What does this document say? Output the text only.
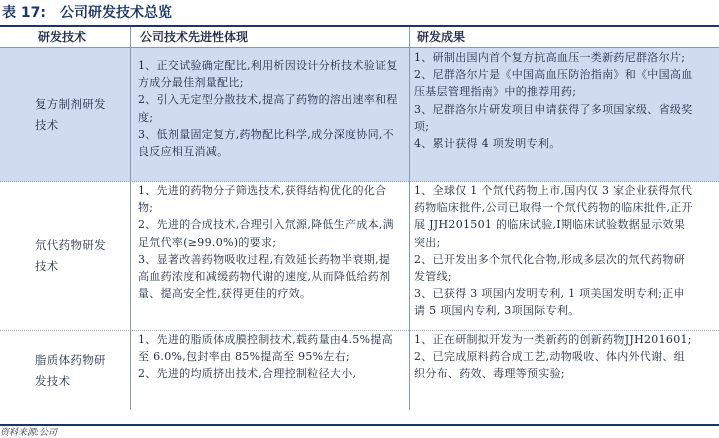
表 17: 公司研发技术总览
研发技术	公司技术先进性体现	研发成果
复方制剂研发技术
1、正交试验确定配比,利用析因设计分析技术验证复方成分最佳剂量配比;
2、引入无定型分散技术,提高了药物的溶出速率和程度;
3、低剂量固定复方,药物配比科学,成分深度协同,不良反应相互消减。
1、研制出国内首个复方抗高血压一类新药尼群洛尔片;
2、尼群洛尔片是《中国高血压防治指南》和《中国高血压基层管理指南》中的推荐用药;
3、尼群洛尔片研发项目申请获得了多项国家级、省级奖项;
4、累计获得 4 项发明专利。
氘代药物研发技术
1、先进的药物分子筛选技术,获得结构优化的化合物;
2、先进的合成技术,合理引入氘源,降低生产成本,满足氘代率(≥99.0%)的要求;
3、显著改善药物吸收过程,有效延长药物半衰期,提高血药浓度和减缓药物代谢的速度,从而降低给药剂量、提高安全性,获得更佳的疗效。
1、全球仅 1 个氘代药物上市,国内仅 3 家企业获得氘代药物临床批件,公司已取得一个氘代药物的临床批件,正开展 JJH201501 的临床试验,Ⅰ期临床试验数据显示效果突出;
2、已开发出多个氘代化合物,形成多层次的氘代药物研发管线;
3、已获得 3 项国内发明专利, 1 项美国发明专利;正申请 5 项国内专利, 3项国际专利。
脂质体药物研发技术
1、先进的脂质体成膜控制技术,载药量由4.5%提高至 6.0%,包封率由 85%提高至 95%左右;
2、先进的均质挤出技术,合理控制粒径大小,
1、正在研制拟开发为一类新药的创新药物JJH201601;
2、已完成原料药合成工艺,动物吸收、体内外代谢、组织分布、药效、毒理等预实验;
资料来源:公司
